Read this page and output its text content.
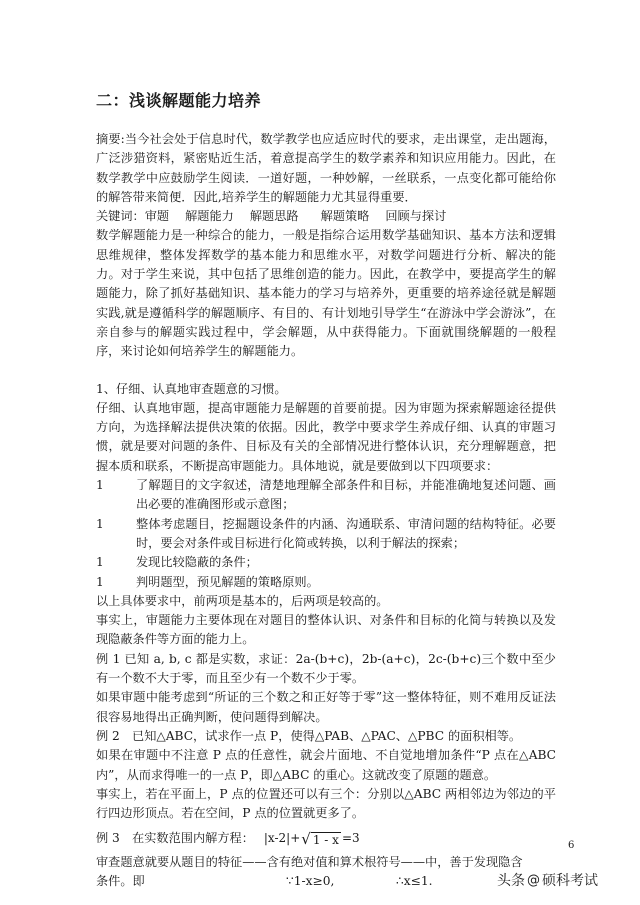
二：浅谈解题能力培养

摘要:当今社会处于信息时代，数学教学也应适应时代的要求，走出课堂，走出题海，广泛涉猎资料，紧密贴近生活，着意提高学生的数学素养和知识应用能力。因此，在数学教学中应鼓励学生阅读．一道好题，一种妙解，一丝联系，一点变化都可能给你的解答带来简便．因此,培养学生的解题能力尤其显得重要．

关键词：审题 解题能力 解题思路 解题策略 回顾与探讨

数学解题能力是一种综合的能力，一般是指综合运用数学基础知识、基本方法和逻辑思维规律，整体发挥数学的基本能力和思维水平，对数学问题进行分析、解决的能力。对于学生来说，其中包括了思维创造的能力。因此，在教学中，要提高学生的解题能力，除了抓好基础知识、基本能力的学习与培养外，更重要的培养途径就是解题实践,就是遵循科学的解题顺序、有目的、有计划地引导学生“在游泳中学会游泳”，在亲自参与的解题实践过程中，学会解题，从中获得能力。下面就围绕解题的一般程序，来讨论如何培养学生的解题能力。

1、仔细、认真地审查题意的习惯。

仔细、认真地审题，提高审题能力是解题的首要前提。因为审题为探索解题途径提供方向，为选择解法提供决策的依据。因此，教学中要求学生养成仔细、认真的审题习惯，就是要对问题的条件、目标及有关的全部情况进行整体认识，充分理解题意，把握本质和联系，不断提高审题能力。具体地说，就是要做到以下四项要求：

1	了解题目的文字叙述，清楚地理解全部条件和目标，并能准确地复述问题、画出必要的准确图形或示意图；

1	整体考虑题目，挖掘题设条件的内涵、沟通联系、审清问题的结构特征。必要时，要会对条件或目标进行化简或转换，以利于解法的探索；

1	发现比较隐蔽的条件；

1	判明题型，预见解题的策略原则。

以上具体要求中，前两项是基本的，后两项是较高的。

事实上，审题能力主要体现在对题目的整体认识、对条件和目标的化简与转换以及发现隐蔽条件等方面的能力上。

例 1 已知 a, b, c 都是实数，求证：2a-(b+c)，2b-(a+c)，2c-(b+c)三个数中至少有一个数不大于零，而且至少有一个数不少于零。

如果审题中能考虑到“所证的三个数之和正好等于零”这一整体特征，则不难用反证法很容易地得出正确判断，使问题得到解决。

例 2　已知△ABC，试求作一点 P，使得△PAB、△PAC、△PBC 的面积相等。

如果在审题中不注意 P 点的任意性，就会片面地、不自觉地增加条件“P 点在△ABC 内”，从而求得唯一的一点 P，即△ABC 的重心。这就改变了原题的题意。

事实上，若在平面上，P 点的位置还可以有三个：分别以△ABC 两相邻边为邻边的平行四边形顶点。若在空间，P 点的位置就更多了。

例 3　在实数范围内解方程： |x-2|+ √ 1 - x =3

审查题意就要从题目的特征——含有绝对值和算术根符号——中，善于发现隐含

条件。即	∵1-x≥0,	∴x≤1.
6
头条 @ 硕科考试
